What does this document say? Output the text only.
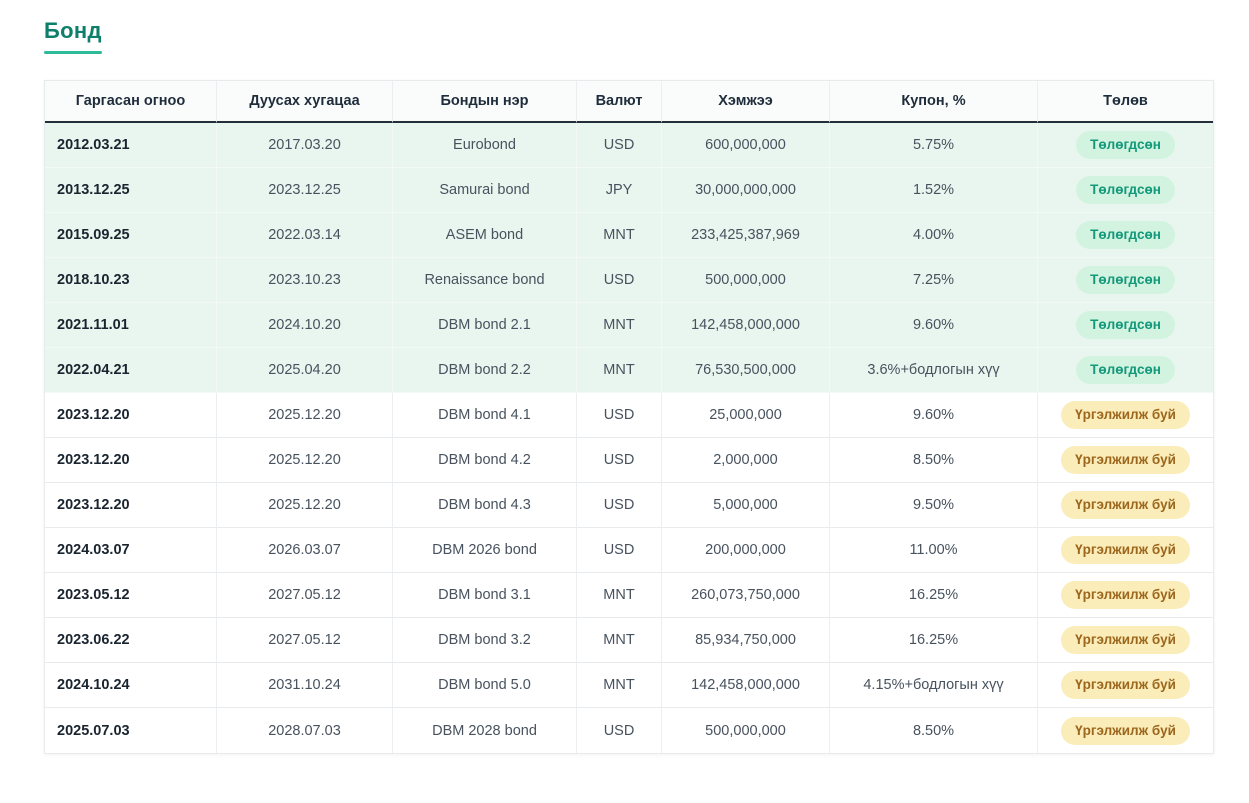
Бонд
Гаргасан огноо	Дуусах хугацаа	Бондын нэр	Валют	Хэмжээ	Купон, %	Төлөв
2012.03.21	2017.03.20	Eurobond	USD	600,000,000	5.75%	Төлөгдсөн
2013.12.25	2023.12.25	Samurai bond	JPY	30,000,000,000	1.52%	Төлөгдсөн
2015.09.25	2022.03.14	ASEM bond	MNT	233,425,387,969	4.00%	Төлөгдсөн
2018.10.23	2023.10.23	Renaissance bond	USD	500,000,000	7.25%	Төлөгдсөн
2021.11.01	2024.10.20	DBM bond 2.1	MNT	142,458,000,000	9.60%	Төлөгдсөн
2022.04.21	2025.04.20	DBM bond 2.2	MNT	76,530,500,000	3.6%+бодлогын хүү	Төлөгдсөн
2023.12.20	2025.12.20	DBM bond 4.1	USD	25,000,000	9.60%	Үргэлжилж буй
2023.12.20	2025.12.20	DBM bond 4.2	USD	2,000,000	8.50%	Үргэлжилж буй
2023.12.20	2025.12.20	DBM bond 4.3	USD	5,000,000	9.50%	Үргэлжилж буй
2024.03.07	2026.03.07	DBM 2026 bond	USD	200,000,000	11.00%	Үргэлжилж буй
2023.05.12	2027.05.12	DBM bond 3.1	MNT	260,073,750,000	16.25%	Үргэлжилж буй
2023.06.22	2027.05.12	DBM bond 3.2	MNT	85,934,750,000	16.25%	Үргэлжилж буй
2024.10.24	2031.10.24	DBM bond 5.0	MNT	142,458,000,000	4.15%+бодлогын хүү	Үргэлжилж буй
2025.07.03	2028.07.03	DBM 2028 bond	USD	500,000,000	8.50%	Үргэлжилж буй
